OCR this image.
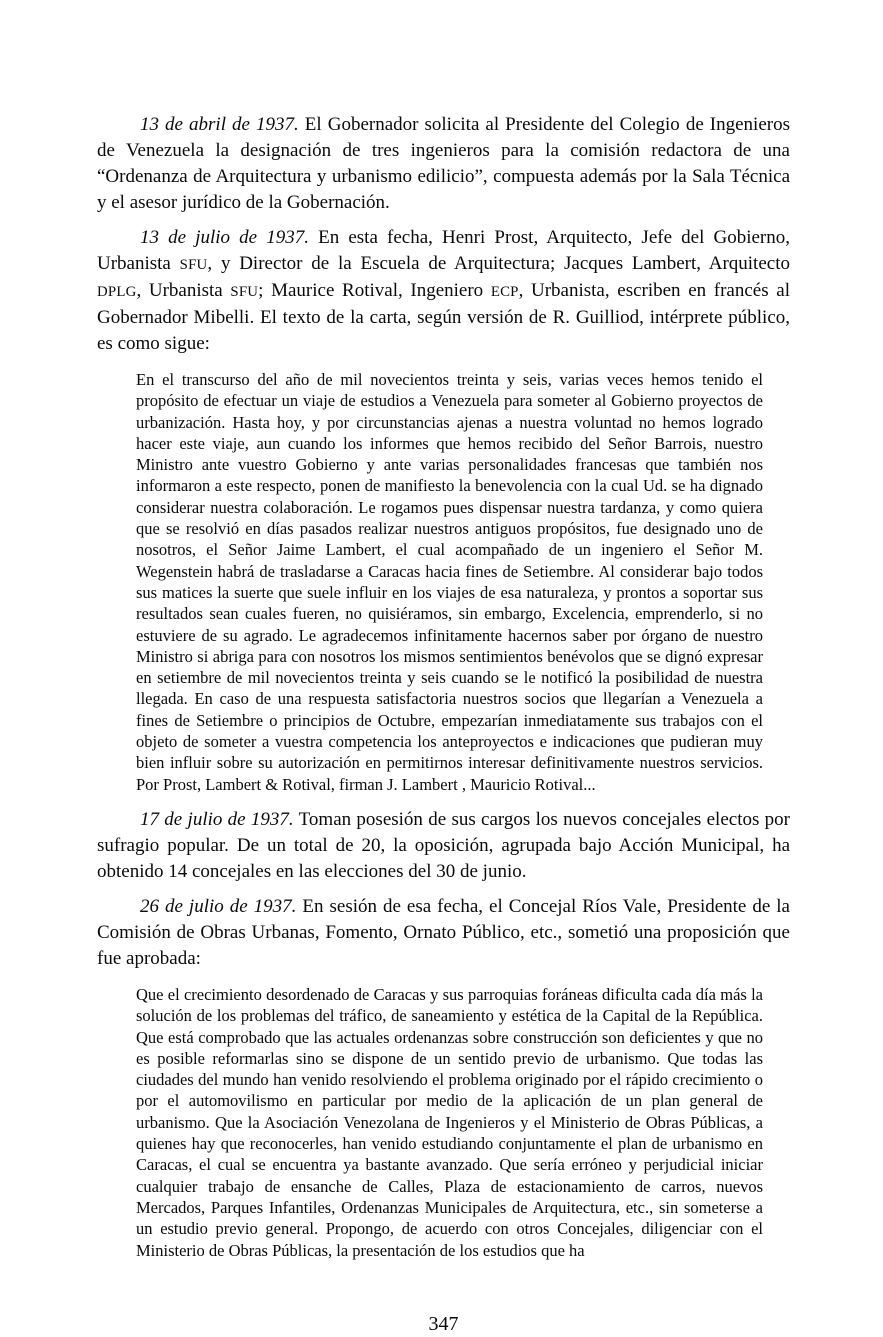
13 de abril de 1937. El Gobernador solicita al Presidente del Colegio de Ingenieros de Venezuela la designación de tres ingenieros para la comisión redactora de una “Ordenanza de Arquitectura y urbanismo edilicio”, compuesta además por la Sala Técnica y el asesor jurídico de la Gobernación.

13 de julio de 1937. En esta fecha, Henri Prost, Arquitecto, Jefe del Gobierno, Urbanista SFU, y Director de la Escuela de Arquitectura; Jacques Lambert, Arquitecto DPLG, Urbanista SFU; Maurice Rotival, Ingeniero ECP, Urbanista, escriben en francés al Gobernador Mibelli. El texto de la carta, según versión de R. Guilliod, intérprete público, es como sigue:

En el transcurso del año de mil novecientos treinta y seis, varias veces hemos tenido el propósito de efectuar un viaje de estudios a Venezuela para someter al Gobierno proyectos de urbanización. Hasta hoy, y por circunstancias ajenas a nuestra voluntad no hemos logrado hacer este viaje, aun cuando los informes que hemos recibido del Señor Barrois, nuestro Ministro ante vuestro Gobierno y ante varias personalidades francesas que también nos informaron a este respecto, ponen de manifiesto la benevolencia con la cual Ud. se ha dignado considerar nuestra colaboración. Le rogamos pues dispensar nuestra tardanza, y como quiera que se resolvió en días pasados realizar nuestros antiguos propósitos, fue designado uno de nosotros, el Señor Jaime Lambert, el cual acompañado de un ingeniero el Señor M. Wegenstein habrá de trasladarse a Caracas hacia fines de Setiembre. Al considerar bajo todos sus matices la suerte que suele influir en los viajes de esa naturaleza, y prontos a soportar sus resultados sean cuales fueren, no quisiéramos, sin embargo, Excelencia, emprenderlo, si no estuviere de su agrado. Le agradecemos infinitamente hacernos saber por órgano de nuestro Ministro si abriga para con nosotros los mismos sentimientos benévolos que se dignó expresar en setiembre de mil novecientos treinta y seis cuando se le notificó la posibilidad de nuestra llegada. En caso de una respuesta satisfactoria nuestros socios que llegarían a Venezuela a fines de Setiembre o principios de Octubre, empezarían inmediatamente sus trabajos con el objeto de someter a vuestra competencia los anteproyectos e indicaciones que pudieran muy bien influir sobre su autorización en permitirnos interesar definitivamente nuestros servicios. Por Prost, Lambert & Rotival, firman J. Lambert , Mauricio Rotival...

17 de julio de 1937. Toman posesión de sus cargos los nuevos concejales electos por sufragio popular. De un total de 20, la oposición, agrupada bajo Acción Municipal, ha obtenido 14 concejales en las elecciones del 30 de junio.

26 de julio de 1937. En sesión de esa fecha, el Concejal Ríos Vale, Presidente de la Comisión de Obras Urbanas, Fomento, Ornato Público, etc., sometió una proposición que fue aprobada:

Que el crecimiento desordenado de Caracas y sus parroquias foráneas dificulta cada día más la solución de los problemas del tráfico, de saneamiento y estética de la Capital de la República. Que está comprobado que las actuales ordenanzas sobre construcción son deficientes y que no es posible reformarlas sino se dispone de un sentido previo de urbanismo. Que todas las ciudades del mundo han venido resolviendo el problema originado por el rápido crecimiento o por el automovilismo en particular por medio de la aplicación de un plan general de urbanismo. Que la Asociación Venezolana de Ingenieros y el Ministerio de Obras Públicas, a quienes hay que reconocerles, han venido estudiando conjuntamente el plan de urbanismo en Caracas, el cual se encuentra ya bastante avanzado. Que sería erróneo y perjudicial iniciar cualquier trabajo de ensanche de Calles, Plaza de estacionamiento de carros, nuevos Mercados, Parques Infantiles, Ordenanzas Municipales de Arquitectura, etc., sin someterse a un estudio previo general. Propongo, de acuerdo con otros Concejales, diligenciar con el Ministerio de Obras Públicas, la presentación de los estudios que ha
347
